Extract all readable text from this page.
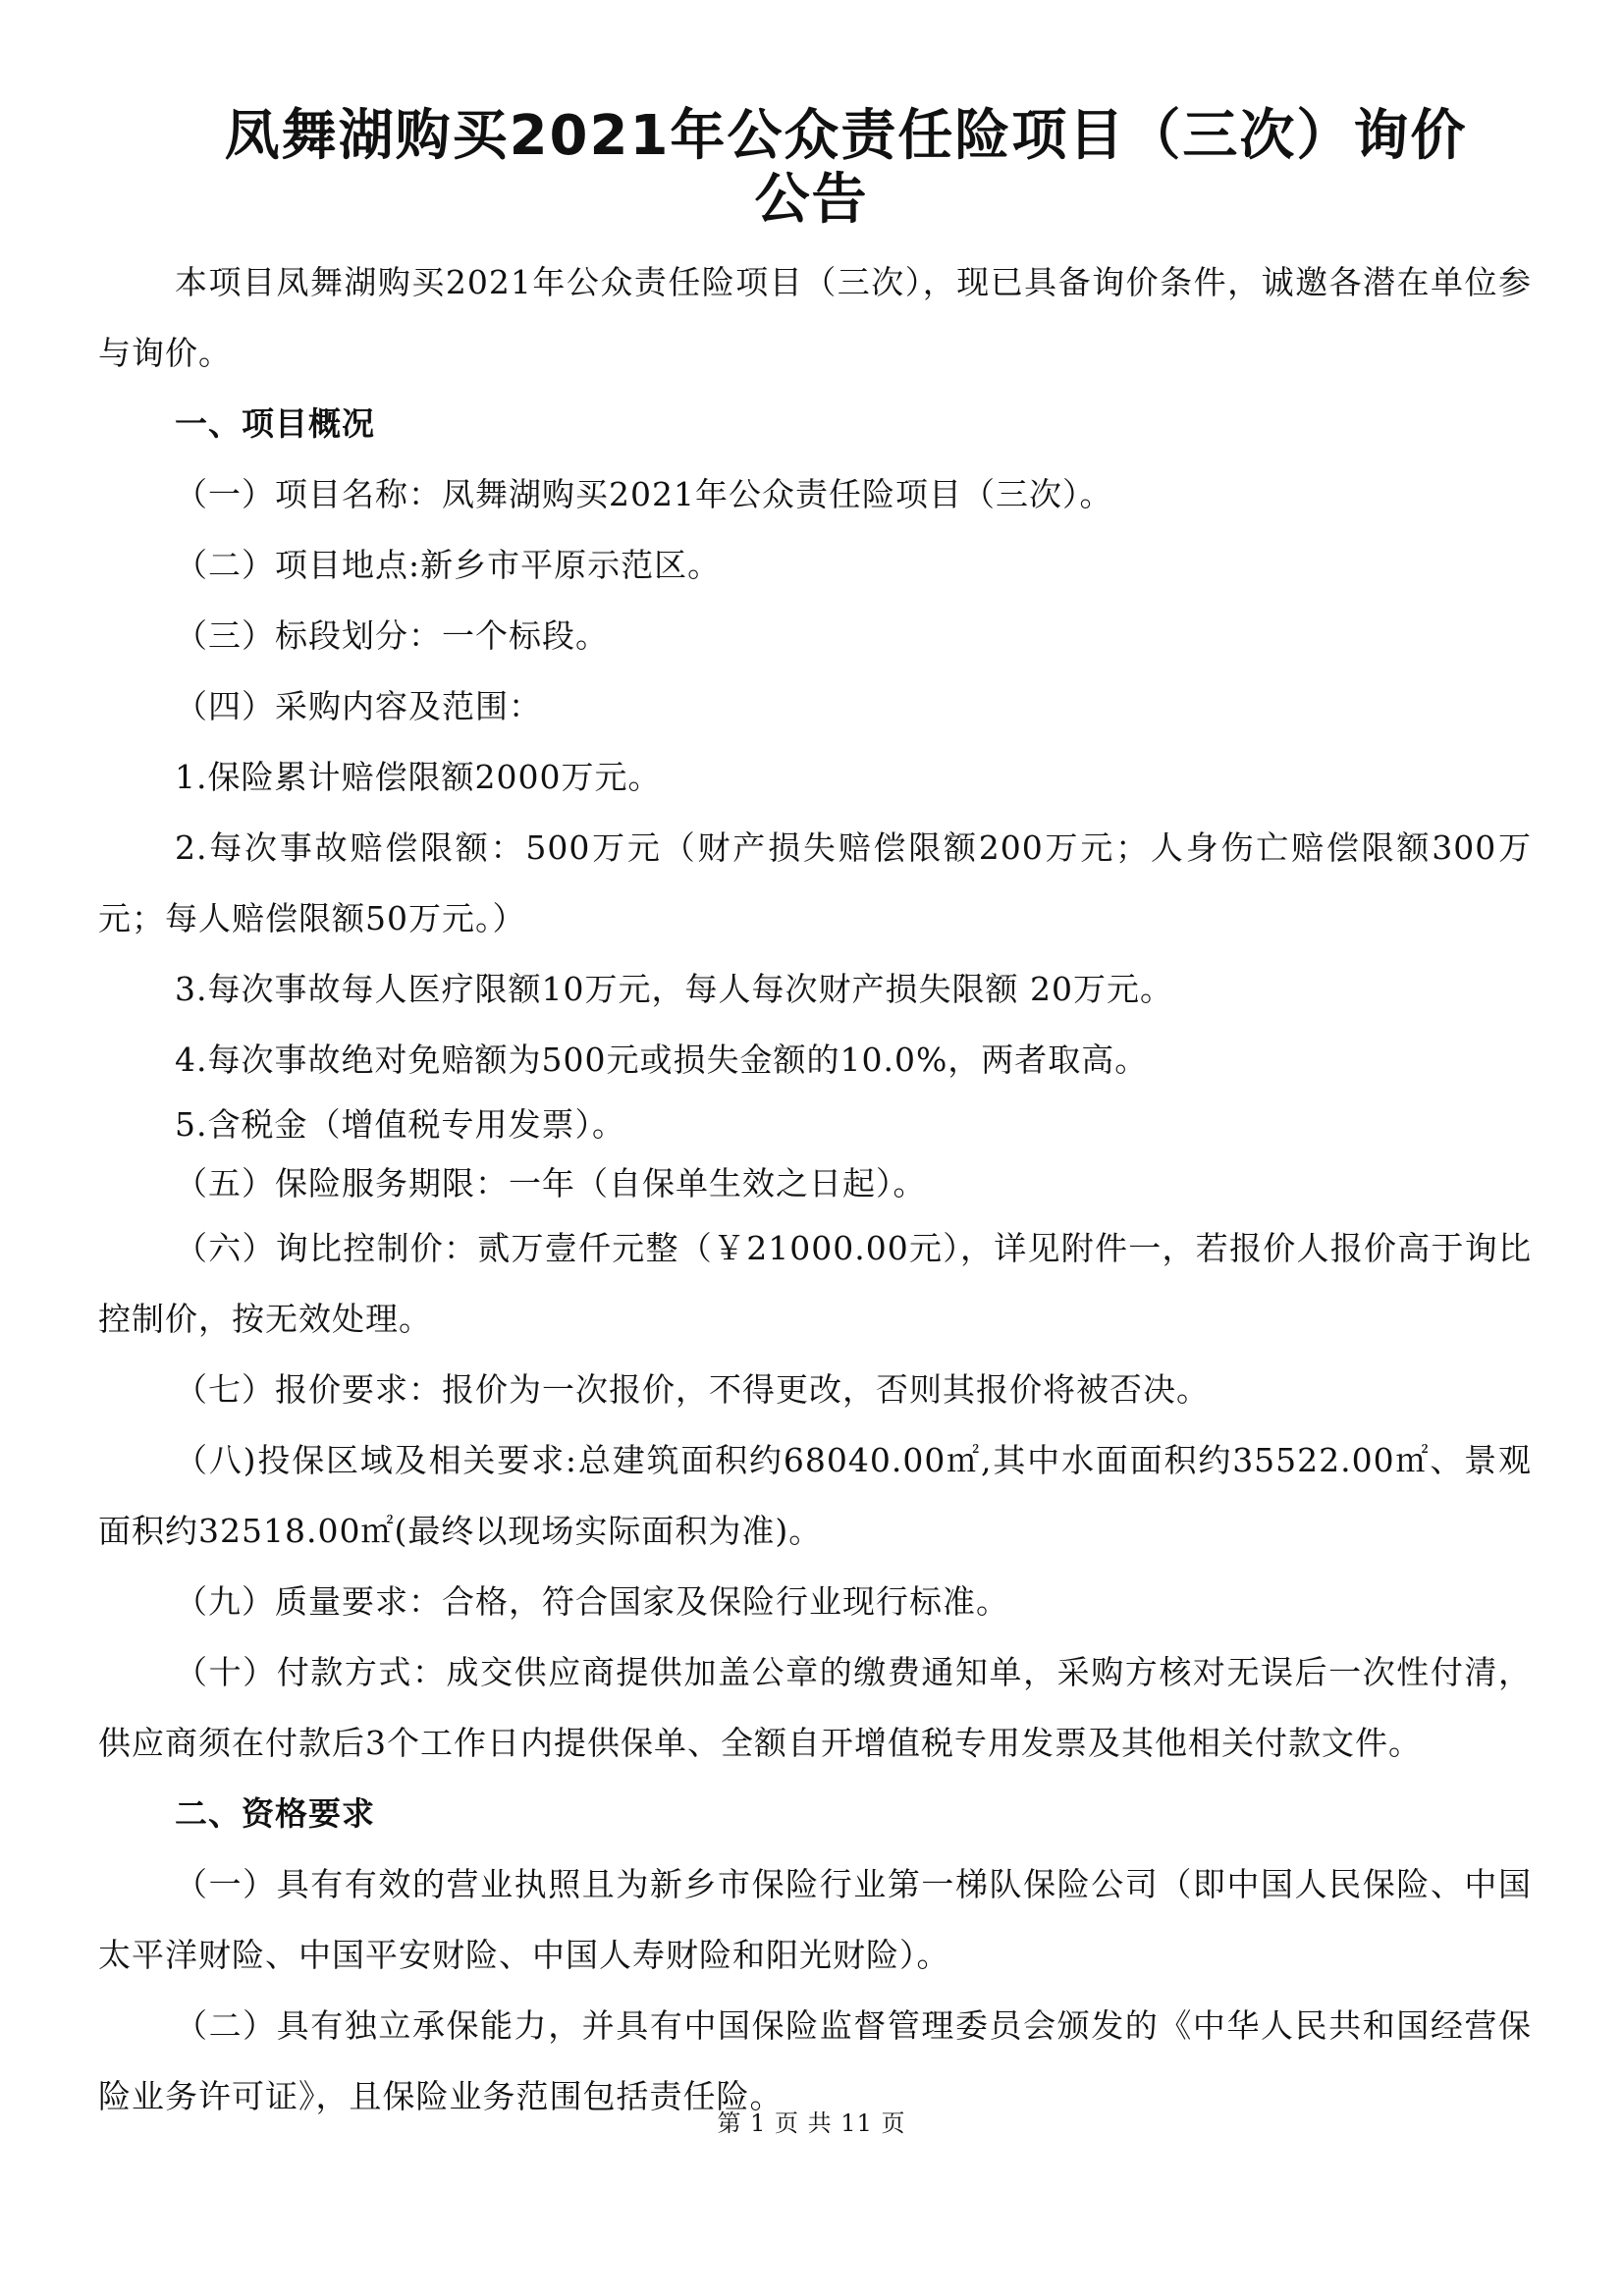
凤舞湖购买2021年公众责任险项目（三次）询价
公告

本项目凤舞湖购买2021年公众责任险项目（三次），现已具备询价条件，诚邀各潜在单位参与询价。

一、项目概况

（一）项目名称：凤舞湖购买2021年公众责任险项目（三次）。

（二）项目地点:新乡市平原示范区。

（三）标段划分：一个标段。

（四）采购内容及范围：

1.保险累计赔偿限额2000万元。

2.每次事故赔偿限额：500万元（财产损失赔偿限额200万元；人身伤亡赔偿限额300万元；每人赔偿限额50万元。）

3.每次事故每人医疗限额10万元，每人每次财产损失限额 20万元。

4.每次事故绝对免赔额为500元或损失金额的10.0%，两者取高。

5.含税金（增值税专用发票）。

（五）保险服务期限：一年（自保单生效之日起）。

（六）询比控制价：贰万壹仟元整（￥21000.00元），详见附件一，若报价人报价高于询比控制价，按无效处理。

（七）报价要求：报价为一次报价，不得更改，否则其报价将被否决。

（八)投保区域及相关要求:总建筑面积约68040.00㎡,其中水面面积约35522.00㎡、景观面积约32518.00㎡(最终以现场实际面积为准)。

（九）质量要求：合格，符合国家及保险行业现行标准。

（十）付款方式：成交供应商提供加盖公章的缴费通知单，采购方核对无误后一次性付清，供应商须在付款后3个工作日内提供保单、全额自开增值税专用发票及其他相关付款文件。

二、资格要求

（一）具有有效的营业执照且为新乡市保险行业第一梯队保险公司（即中国人民保险、中国太平洋财险、中国平安财险、中国人寿财险和阳光财险）。

（二）具有独立承保能力，并具有中国保险监督管理委员会颁发的《中华人民共和国经营保险业务许可证》，且保险业务范围包括责任险。

第 1 页 共 11 页
